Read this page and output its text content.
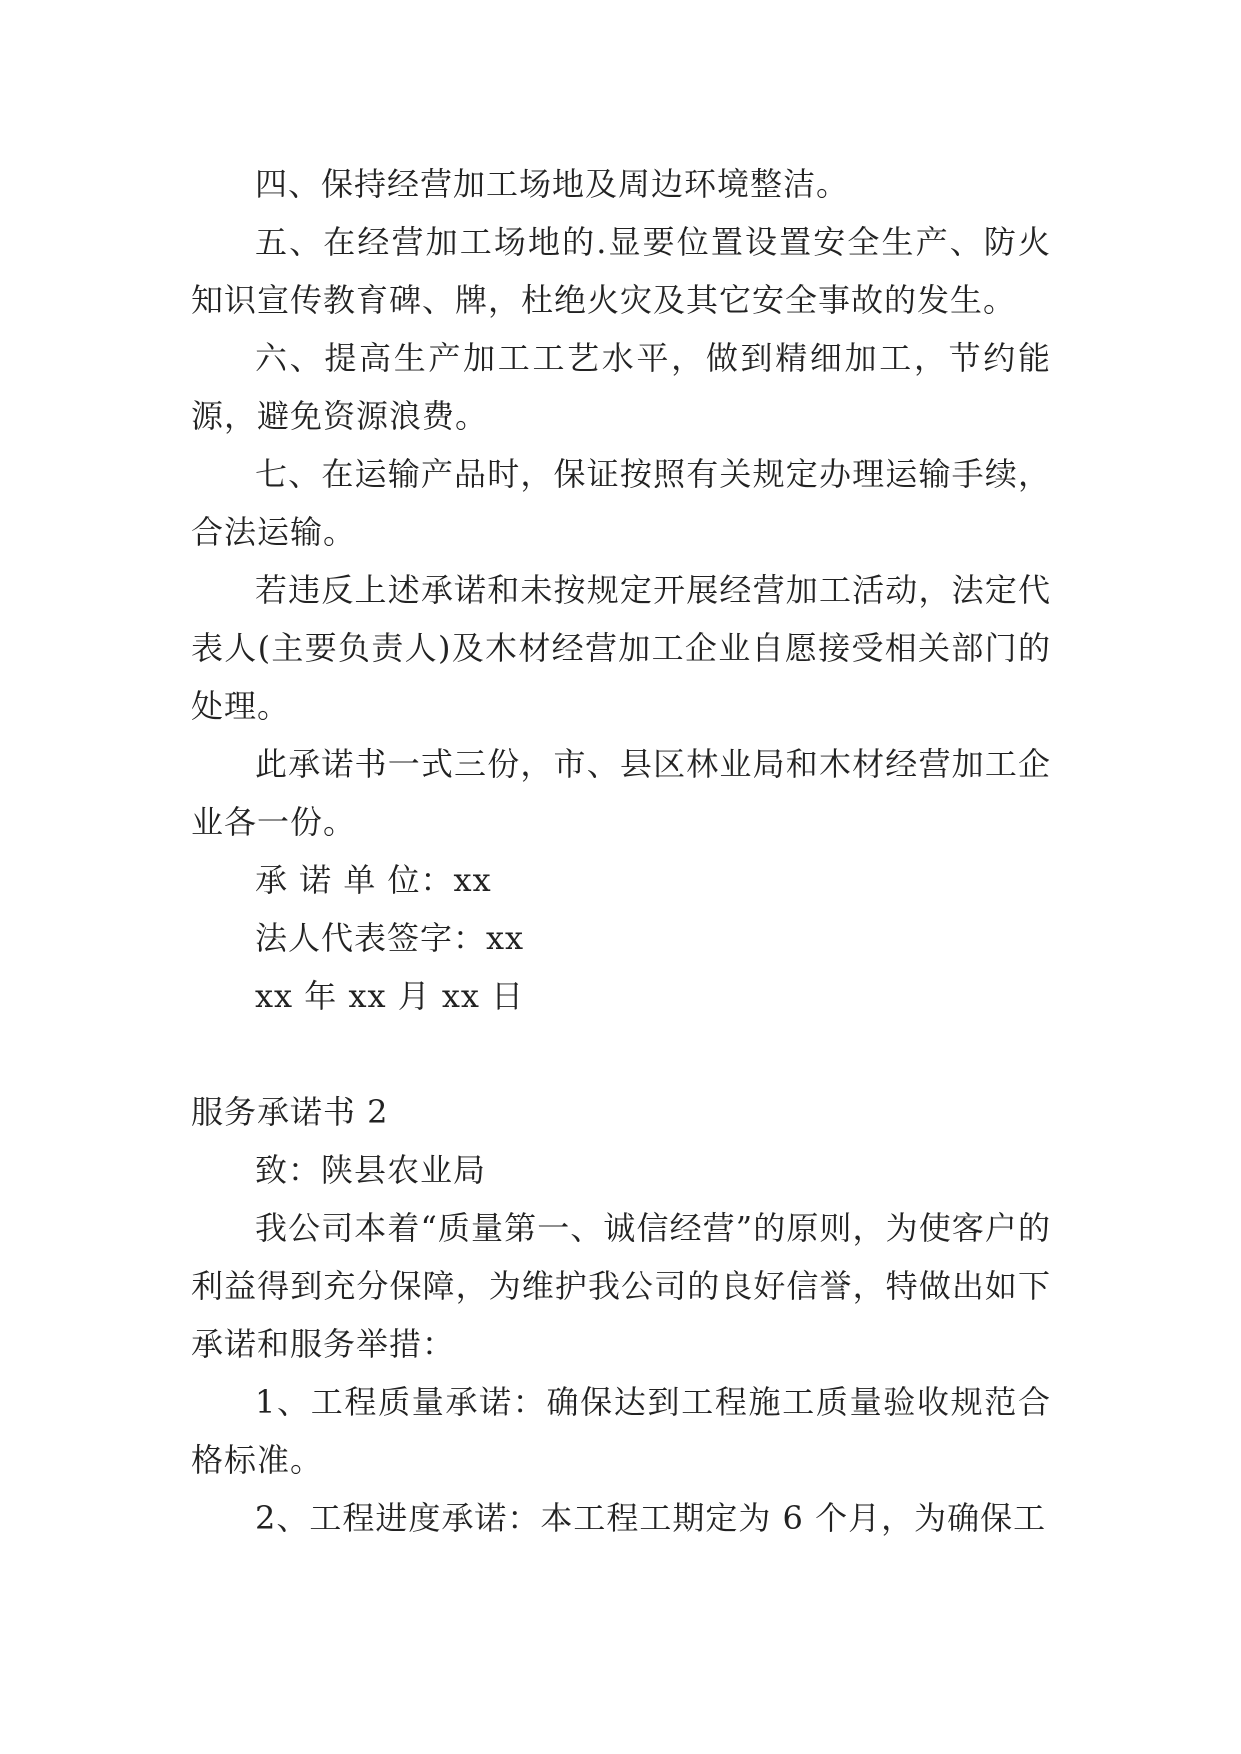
四、保持经营加工场地及周边环境整洁。

五、在经营加工场地的.显要位置设置安全生产、防火知识宣传教育碑、牌，杜绝火灾及其它安全事故的发生。

六、提高生产加工工艺水平，做到精细加工，节约能源，避免资源浪费。

七、在运输产品时，保证按照有关规定办理运输手续，合法运输。

若违反上述承诺和未按规定开展经营加工活动，法定代表人(主要负责人)及木材经营加工企业自愿接受相关部门的处理。

此承诺书一式三份，市、县区林业局和木材经营加工企业各一份。

承 诺 单 位：xx

法人代表签字：xx

xx 年 xx 月 xx 日

服务承诺书 2

致：陕县农业局

我公司本着“质量第一、诚信经营”的原则，为使客户的利益得到充分保障，为维护我公司的良好信誉，特做出如下承诺和服务举措：

1、工程质量承诺：确保达到工程施工质量验收规范合格标准。

2、工程进度承诺：本工程工期定为 6 个月，为确保工
